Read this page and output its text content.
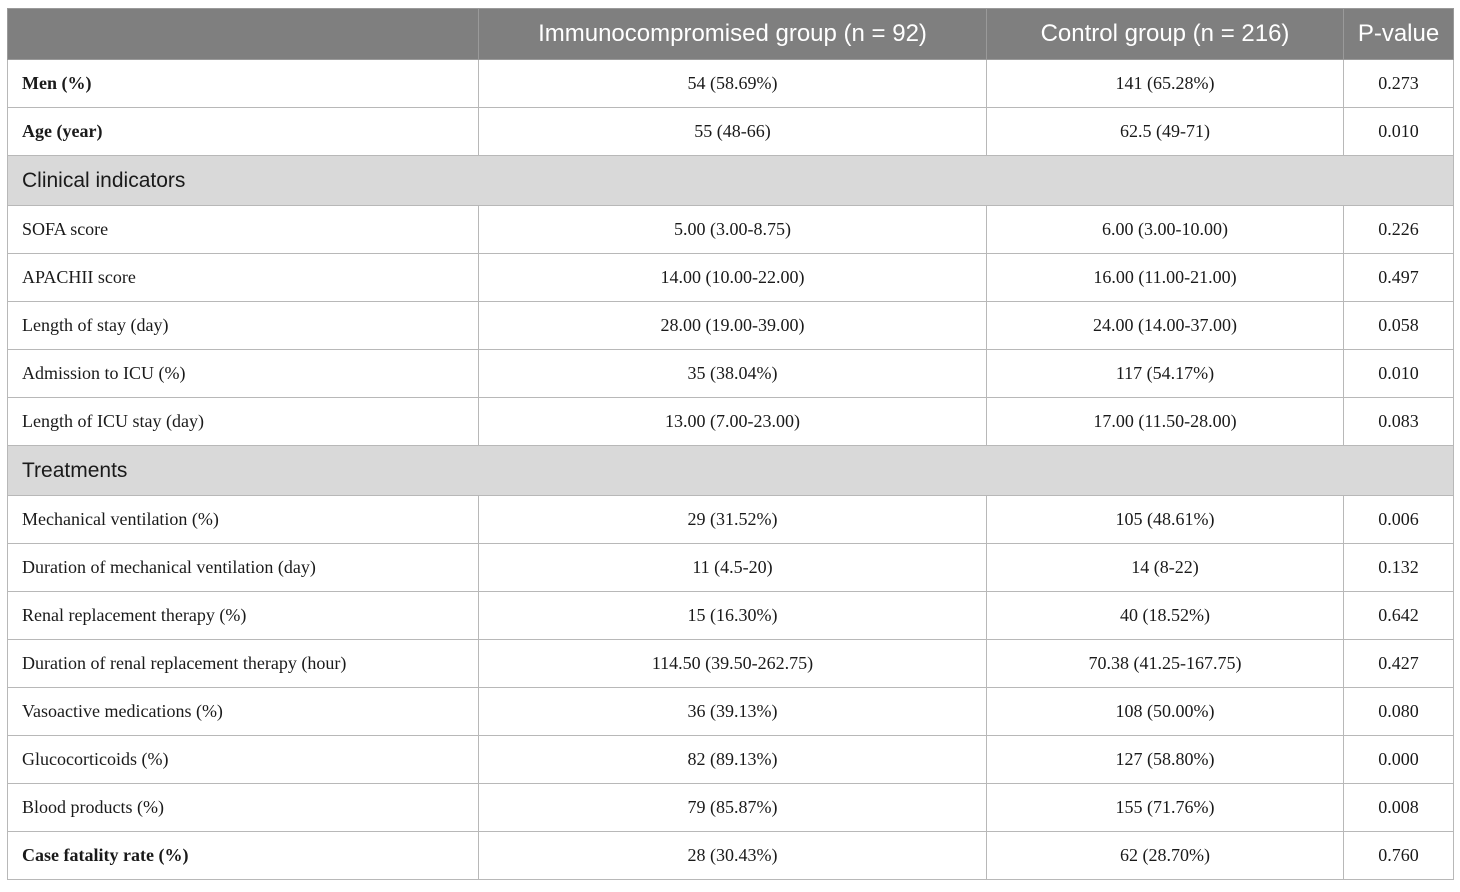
	Immunocompromised group (n = 92)	Control group (n = 216)	P-value
Men (%)	54 (58.69%)	141 (65.28%)	0.273
Age (year)	55 (48-66)	62.5 (49-71)	0.010
Clinical indicators			
SOFA score	5.00 (3.00-8.75)	6.00 (3.00-10.00)	0.226
APACHII score	14.00 (10.00-22.00)	16.00 (11.00-21.00)	0.497
Length of stay (day)	28.00 (19.00-39.00)	24.00 (14.00-37.00)	0.058
Admission to ICU (%)	35 (38.04%)	117 (54.17%)	0.010
Length of ICU stay (day)	13.00 (7.00-23.00)	17.00 (11.50-28.00)	0.083
Treatments			
Mechanical ventilation (%)	29 (31.52%)	105 (48.61%)	0.006
Duration of mechanical ventilation (day)	11 (4.5-20)	14 (8-22)	0.132
Renal replacement therapy (%)	15 (16.30%)	40 (18.52%)	0.642
Duration of renal replacement therapy (hour)	114.50 (39.50-262.75)	70.38 (41.25-167.75)	0.427
Vasoactive medications (%)	36 (39.13%)	108 (50.00%)	0.080
Glucocorticoids (%)	82 (89.13%)	127 (58.80%)	0.000
Blood products (%)	79 (85.87%)	155 (71.76%)	0.008
Case fatality rate (%)	28 (30.43%)	62 (28.70%)	0.760
